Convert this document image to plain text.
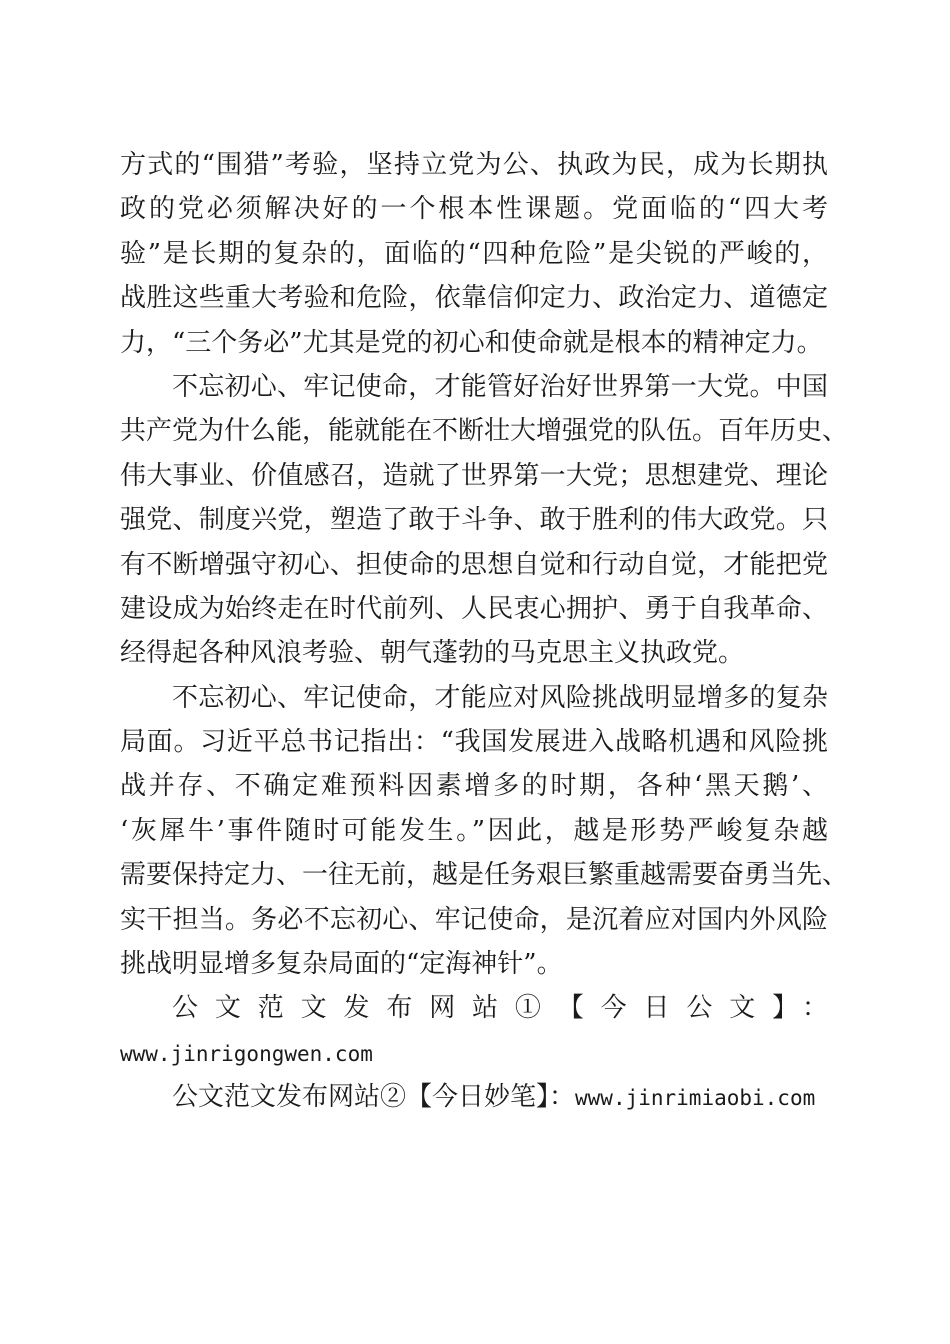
方式的“围猎”考验，坚持立党为公、执政为民，成为长期执
政的党必须解决好的一个根本性课题。党面临的“四大考
验”是长期的复杂的，面临的“四种危险”是尖锐的严峻的，
战胜这些重大考验和危险，依靠信仰定力、政治定力、道德定
力，“三个务必”尤其是党的初心和使命就是根本的精神定力。
不忘初心、牢记使命，才能管好治好世界第一大党。中国
共产党为什么能，能就能在不断壮大增强党的队伍。百年历史、
伟大事业、价值感召，造就了世界第一大党；思想建党、理论
强党、制度兴党，塑造了敢于斗争、敢于胜利的伟大政党。只
有不断增强守初心、担使命的思想自觉和行动自觉，才能把党
建设成为始终走在时代前列、人民衷心拥护、勇于自我革命、
经得起各种风浪考验、朝气蓬勃的马克思主义执政党。
不忘初心、牢记使命，才能应对风险挑战明显增多的复杂
局面。习近平总书记指出：“我国发展进入战略机遇和风险挑
战并存、不确定难预料因素增多的时期，各种‘黑天鹅’、
‘灰犀牛’事件随时可能发生。”因此，越是形势严峻复杂越
需要保持定力、一往无前，越是任务艰巨繁重越需要奋勇当先、
实干担当。务必不忘初心、牢记使命，是沉着应对国内外风险
挑战明显增多复杂局面的“定海神针”。
公文范文发布网站①【今日公文】：
www.jinrigongwen.com
公文范文发布网站②【今日妙笔】：www.jinrimiaobi.com
